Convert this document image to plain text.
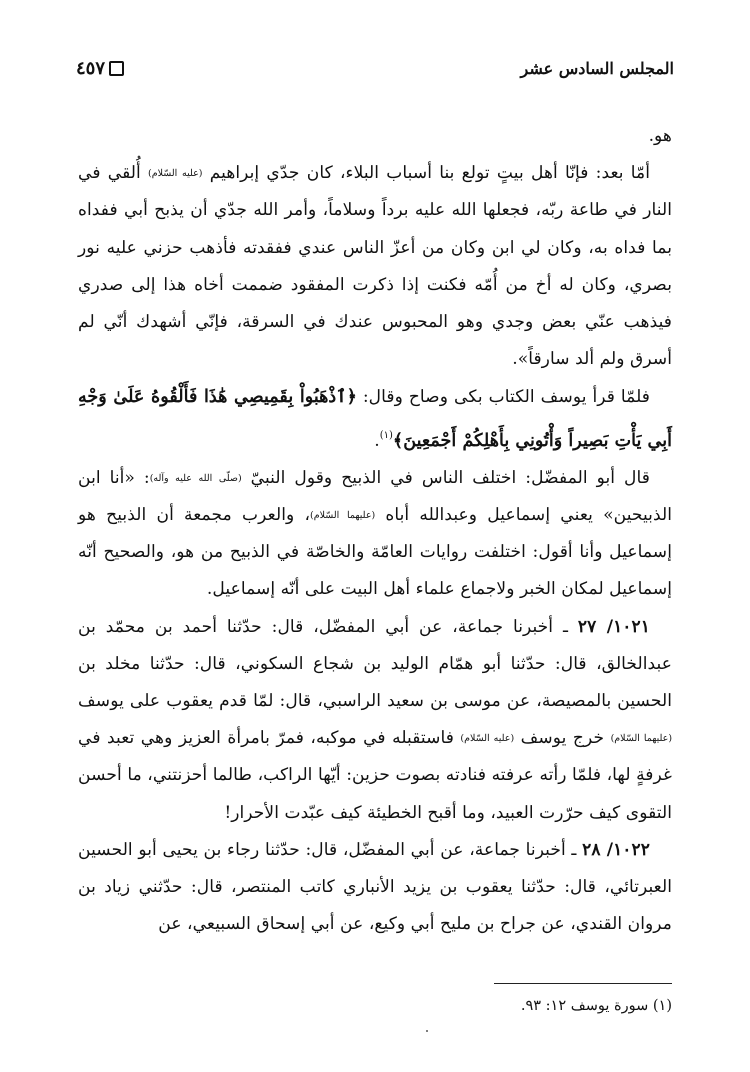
المجلس السادس عشر
٤٥٧

هو.

أمّا بعد: فإنّا أهل بيتٍ تولع بنا أسباب البلاء، كان جدّي إبراهيم (عليه السّلام) أُلقي في النار في طاعة ربّه، فجعلها الله عليه برداً وسلاماً، وأمر الله جدّي أن يذبح أبي ففداه بما فداه به، وكان لي ابن وكان من أعزّ الناس عندي ففقدته فأذهب حزني عليه نور بصري، وكان له أخ من أُمّه فكنت إذا ذكرت المفقود ضممت أخاه هذا إلى صدري فيذهب عنّي بعض وجدي وهو المحبوس عندك في السرقة، فإنّي أشهدك أنّي لم أسرق ولم ألد سارقاً».

فلمّا قرأ يوسف الكتاب بكى وصاح وقال: ﴿ٱذْهَبُواْ بِقَمِيصِي هَٰذَا فَأَلْقُوهُ عَلَىٰ وَجْهِ أَبِي يَأْتِ بَصِيراً وَأْتُونِي بِأَهْلِكُمْ أَجْمَعِينَ﴾$^{(١)}$.

قال أبو المفضّل: اختلف الناس في الذبيح وقول النبيّ (صلّى الله عليه وآله): «أنا ابن الذبيحين» يعني إسماعيل وعبدالله أباه (عليهما السّلام)، والعرب مجمعة أن الذبيح هو إسماعيل وأنا أقول: اختلفت روايات العامّة والخاصّة في الذبيح من هو، والصحيح أنّه إسماعيل لمكان الخبر ولاجماع علماء أهل البيت على أنّه إسماعيل.

١٠٢١/ ٢٧ ـ أخبرنا جماعة، عن أبي المفضّل، قال: حدّثنا أحمد بن محمّد بن عبدالخالق، قال: حدّثنا أبو همّام الوليد بن شجاع السكوني، قال: حدّثنا مخلد بن الحسين بالمصيصة، عن موسى بن سعيد الراسبي، قال: لمّا قدم يعقوب على يوسف (عليهما السّلام) خرج يوسف (عليه السّلام) فاستقبله في موكبه، فمرّ بامرأة العزيز وهي تعبد في غرفةٍ لها، فلمّا رأته عرفته فنادته بصوت حزين: أيّها الراكب، طالما أحزنتني، ما أحسن التقوى كيف حرّرت العبيد، وما أقبح الخطيئة كيف عبّدت الأحرار!

١٠٢٢/ ٢٨ ـ أخبرنا جماعة، عن أبي المفضّل، قال: حدّثنا رجاء بن يحيى أبو الحسين العبرتائي، قال: حدّثنا يعقوب بن يزيد الأنباري كاتب المنتصر، قال: حدّثني زياد بن مروان القندي، عن جراح بن مليح أبي وكيع، عن أبي إسحاق السبيعي، عن

(١) سورة يوسف ١٢: ٩٣.
